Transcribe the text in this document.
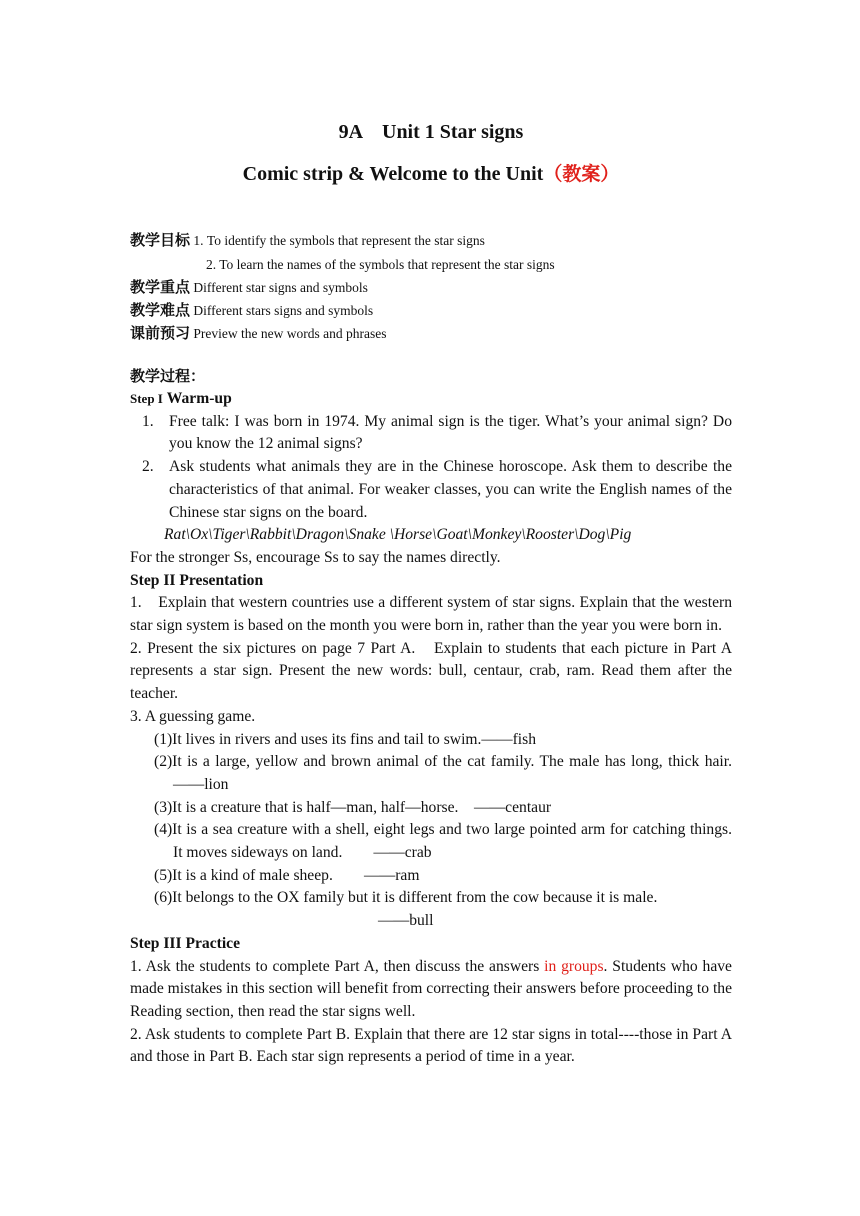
9A　Unit 1 Star signs
Comic strip & Welcome to the Unit（教案）
教学目标 1. To identify the symbols that represent the star signs
2. To learn the names of the symbols that represent the star signs
教学重点 Different star signs and symbols
教学难点 Different stars signs and symbols
课前预习 Preview the new words and phrases
教学过程：

Step I Warm-up

1. Free talk: I was born in 1974. My animal sign is the tiger. What’s your animal sign? Do you know the 12 animal signs?
2. Ask students what animals they are in the Chinese horoscope. Ask them to describe the characteristics of that animal. For weaker classes, you can write the English names of the Chinese star signs on the board.

Rat\Ox\Tiger\Rabbit\Dragon\Snake \Horse\Goat\Monkey\Rooster\Dog\Pig

For the stronger Ss, encourage Ss to say the names directly.

Step II Presentation

1.　Explain that western countries use a different system of star signs. Explain that the western star sign system is based on the month you were born in, rather than the year you were born in.

2. Present the six pictures on page 7 Part A.　Explain to students that each picture in Part A represents a star sign. Present the new words: bull, centaur, crab, ram. Read them after the teacher.

3. A guessing game.

(1)It lives in rivers and uses its fins and tail to swim.——fish
(2)It is a large, yellow and brown animal of the cat family. The male has long, thick hair.　　——lion
(3)It is a creature that is half—man, half—horse.　——centaur
(4)It is a sea creature with a shell, eight legs and two large pointed arm for catching things. It moves sideways on land.　　——crab
(5)It is a kind of male sheep.　　——ram
(6)It belongs to the OX family but it is different from the cow because it is male.
——bull

Step III Practice

1. Ask the students to complete Part A, then discuss the answers in groups. Students who have made mistakes in this section will benefit from correcting their answers before proceeding to the Reading section, then read the star signs well.

2. Ask students to complete Part B. Explain that there are 12 star signs in total----those in Part A and those in Part B. Each star sign represents a period of time in a year.
